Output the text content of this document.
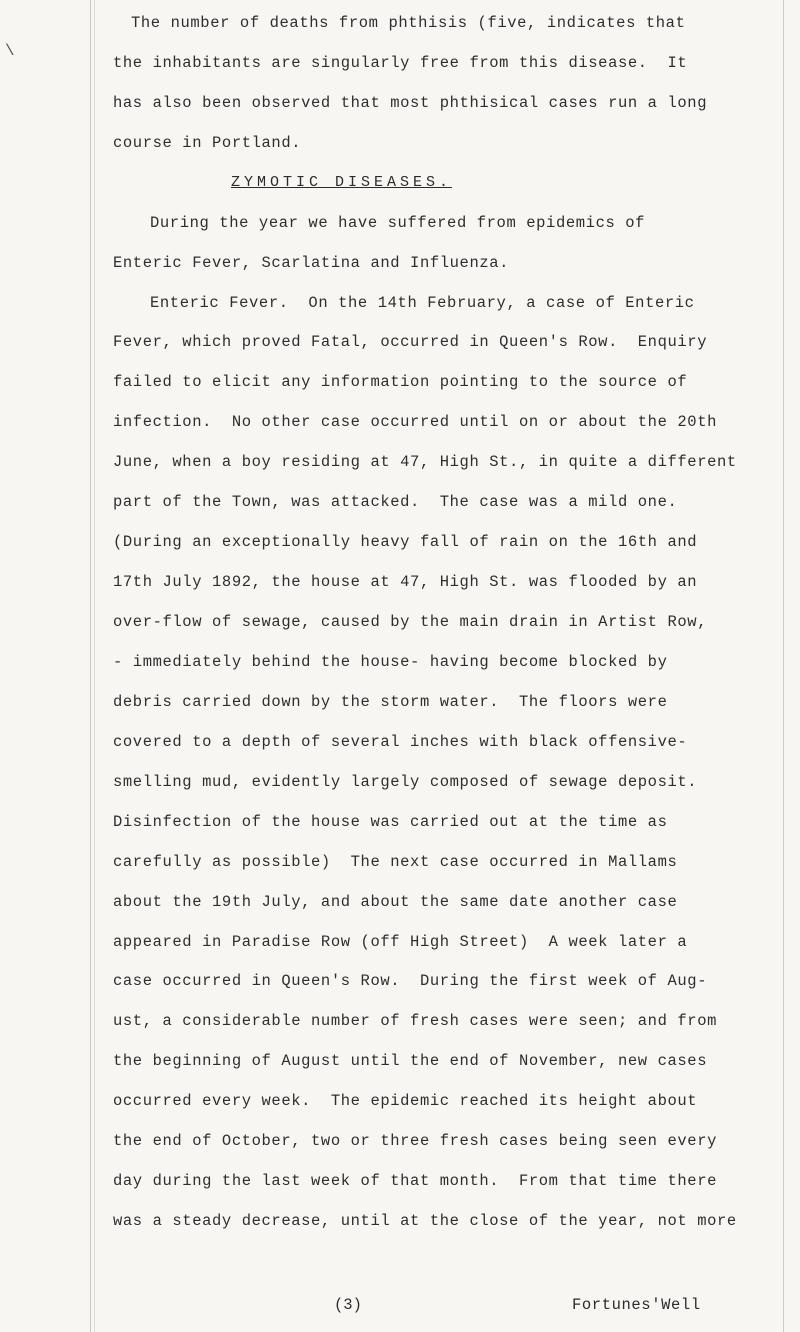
\
The number of deaths from phthisis (five, indicates that
the inhabitants are singularly free from this disease.  It
has also been observed that most phthisical cases run a long
course in Portland.
ZYMOTIC DISEASES.
During the year we have suffered from epidemics of
Enteric Fever, Scarlatina and Influenza.
Enteric Fever.  On the 14th February, a case of Enteric
Fever, which proved Fatal, occurred in Queen's Row.  Enquiry
failed to elicit any information pointing to the source of
infection.  No other case occurred until on or about the 20th
June, when a boy residing at 47, High St., in quite a different
part of the Town, was attacked.  The case was a mild one.
(During an exceptionally heavy fall of rain on the 16th and
17th July 1892, the house at 47, High St. was flooded by an
over-flow of sewage, caused by the main drain in Artist Row,
- immediately behind the house- having become blocked by
debris carried down by the storm water.  The floors were
covered to a depth of several inches with black offensive-
smelling mud, evidently largely composed of sewage deposit.
Disinfection of the house was carried out at the time as
carefully as possible)  The next case occurred in Mallams
about the 19th July, and about the same date another case
appeared in Paradise Row (off High Street)  A week later a
case occurred in Queen's Row.  During the first week of Aug-
ust, a considerable number of fresh cases were seen; and from
the beginning of August until the end of November, new cases
occurred every week.  The epidemic reached its height about
the end of October, two or three fresh cases being seen every
day during the last week of that month.  From that time there
was a steady decrease, until at the close of the year, not more
(3)	Fortunes'Well
